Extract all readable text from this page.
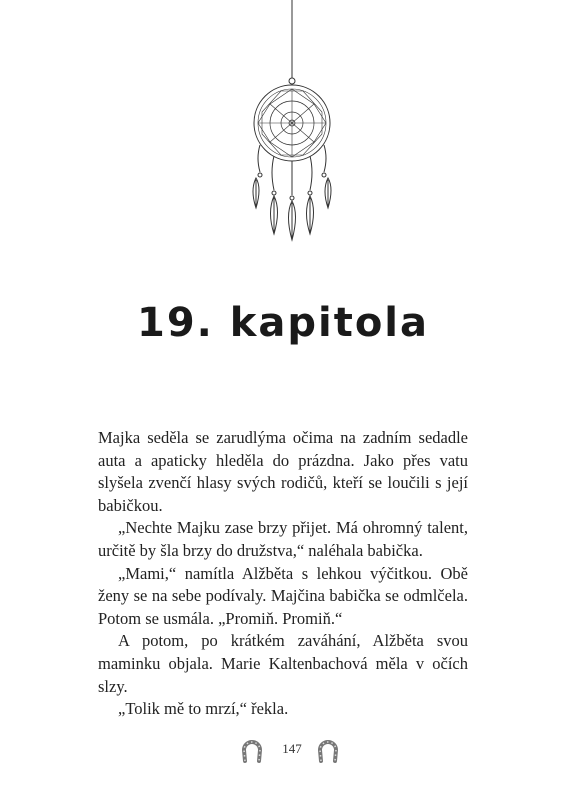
19. kapitola

Majka seděla se zarudlýma očima na zadním sedadle auta a apaticky hleděla do prázdna. Jako přes vatu slyšela zvenčí hlasy svých rodičů, kteří se loučili s její babičkou.

„Nechte Majku zase brzy přijet. Má ohromný talent, určitě by šla brzy do družstva,“ naléhala babička.

„Mami,“ namítla Alžběta s lehkou výčitkou. Obě ženy se na sebe podívaly. Majčina babička se odmlčela. Potom se usmála. „Promiň. Promiň.“

A potom, po krátkém zaváhání, Alžběta svou maminku objala. Marie Kaltenbachová měla v očích slzy.

„Tolik mě to mrzí,“ řekla.

147
